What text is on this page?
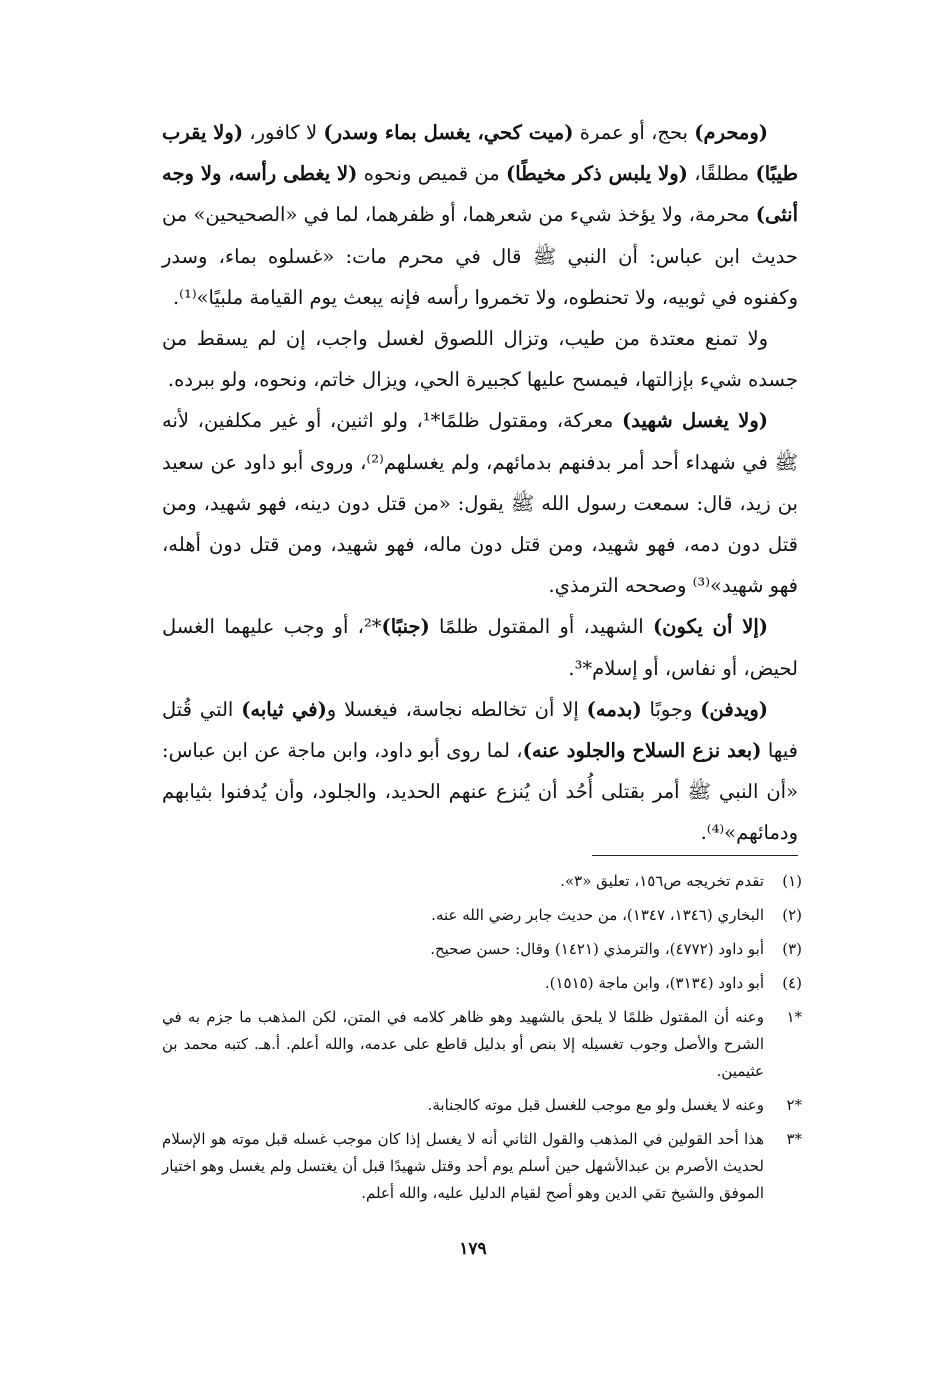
(ومحرم) بحج، أو عمرة (ميت كحي، يغسل بماء وسدر) لا كافور، (ولا يقرب طيبًا) مطلقًا، (ولا يلبس ذكر مخيطًا) من قميص ونحوه (لا يغطى رأسه، ولا وجه أنثى) محرمة، ولا يؤخذ شيء من شعرهما، أو ظفرهما، لما في «الصحيحين» من حديث ابن عباس: أن النبي ﷺ قال في محرم مات: «غسلوه بماء، وسدر وكفنوه في ثوبيه، ولا تحنطوه، ولا تخمروا رأسه فإنه يبعث يوم القيامة ملبيًا»⁽¹⁾.

ولا تمنع معتدة من طيب، وتزال اللصوق لغسل واجب، إن لم يسقط من جسده شيء بإزالتها، فيمسح عليها كجبيرة الحي، ويزال خاتم، ونحوه، ولو ببرده.

(ولا يغسل شهيد) معركة، ومقتول ظلمًا*¹، ولو اثنين، أو غير مكلفين، لأنه ﷺ في شهداء أحد أمر بدفنهم بدمائهم، ولم يغسلهم⁽²⁾، وروى أبو داود عن سعيد بن زيد، قال: سمعت رسول الله ﷺ يقول: «من قتل دون دينه، فهو شهيد، ومن قتل دون دمه، فهو شهيد، ومن قتل دون ماله، فهو شهيد، ومن قتل دون أهله، فهو شهيد»⁽³⁾ وصححه الترمذي.

(إلا أن يكون) الشهيد، أو المقتول ظلمًا (جنبًا)*²، أو وجب عليهما الغسل لحيض، أو نفاس، أو إسلام*³.

(ويدفن) وجوبًا (بدمه) إلا أن تخالطه نجاسة، فيغسلا و(في ثيابه) التي قُتل فيها (بعد نزع السلاح والجلود عنه)، لما روى أبو داود، وابن ماجة عن ابن عباس: «أن النبي ﷺ أمر بقتلى أُحُد أن يُنزع عنهم الحديد، والجلود، وأن يُدفنوا بثيابهم ودمائهم»⁽⁴⁾.

(١)
تقدم تخريجه ص١٥٦، تعليق «٣».
(٢)
البخاري (١٣٤٦، ١٣٤٧)، من حديث جابر رضي الله عنه.
(٣)
أبو داود (٤٧٧٢)، والترمذي (١٤٢١) وقال: حسن صحيح.
(٤)
أبو داود (٣١٣٤)، وابن ماجة (١٥١٥).
*١
وعنه أن المقتول ظلمًا لا يلحق بالشهيد وهو ظاهر كلامه في المتن، لكن المذهب ما جزم به في الشرح والأصل وجوب تغسيله إلا بنص أو بدليل قاطع على عدمه، والله أعلم. أ.هـ. كتبه محمد بن عثيمين.
*٢
وعنه لا يغسل ولو مع موجب للغسل قبل موته كالجنابة.
*٣
هذا أحد القولين في المذهب والقول الثاني أنه لا يغسل إذا كان موجب غسله قبل موته هو الإسلام لحديث الأصرم بن عبدالأشهل حين أسلم يوم أحد وقتل شهيدًا قبل أن يغتسل ولم يغسل وهو اختيار الموفق والشيخ تقي الدين وهو أصح لقيام الدليل عليه، والله أعلم.
١٧٩
